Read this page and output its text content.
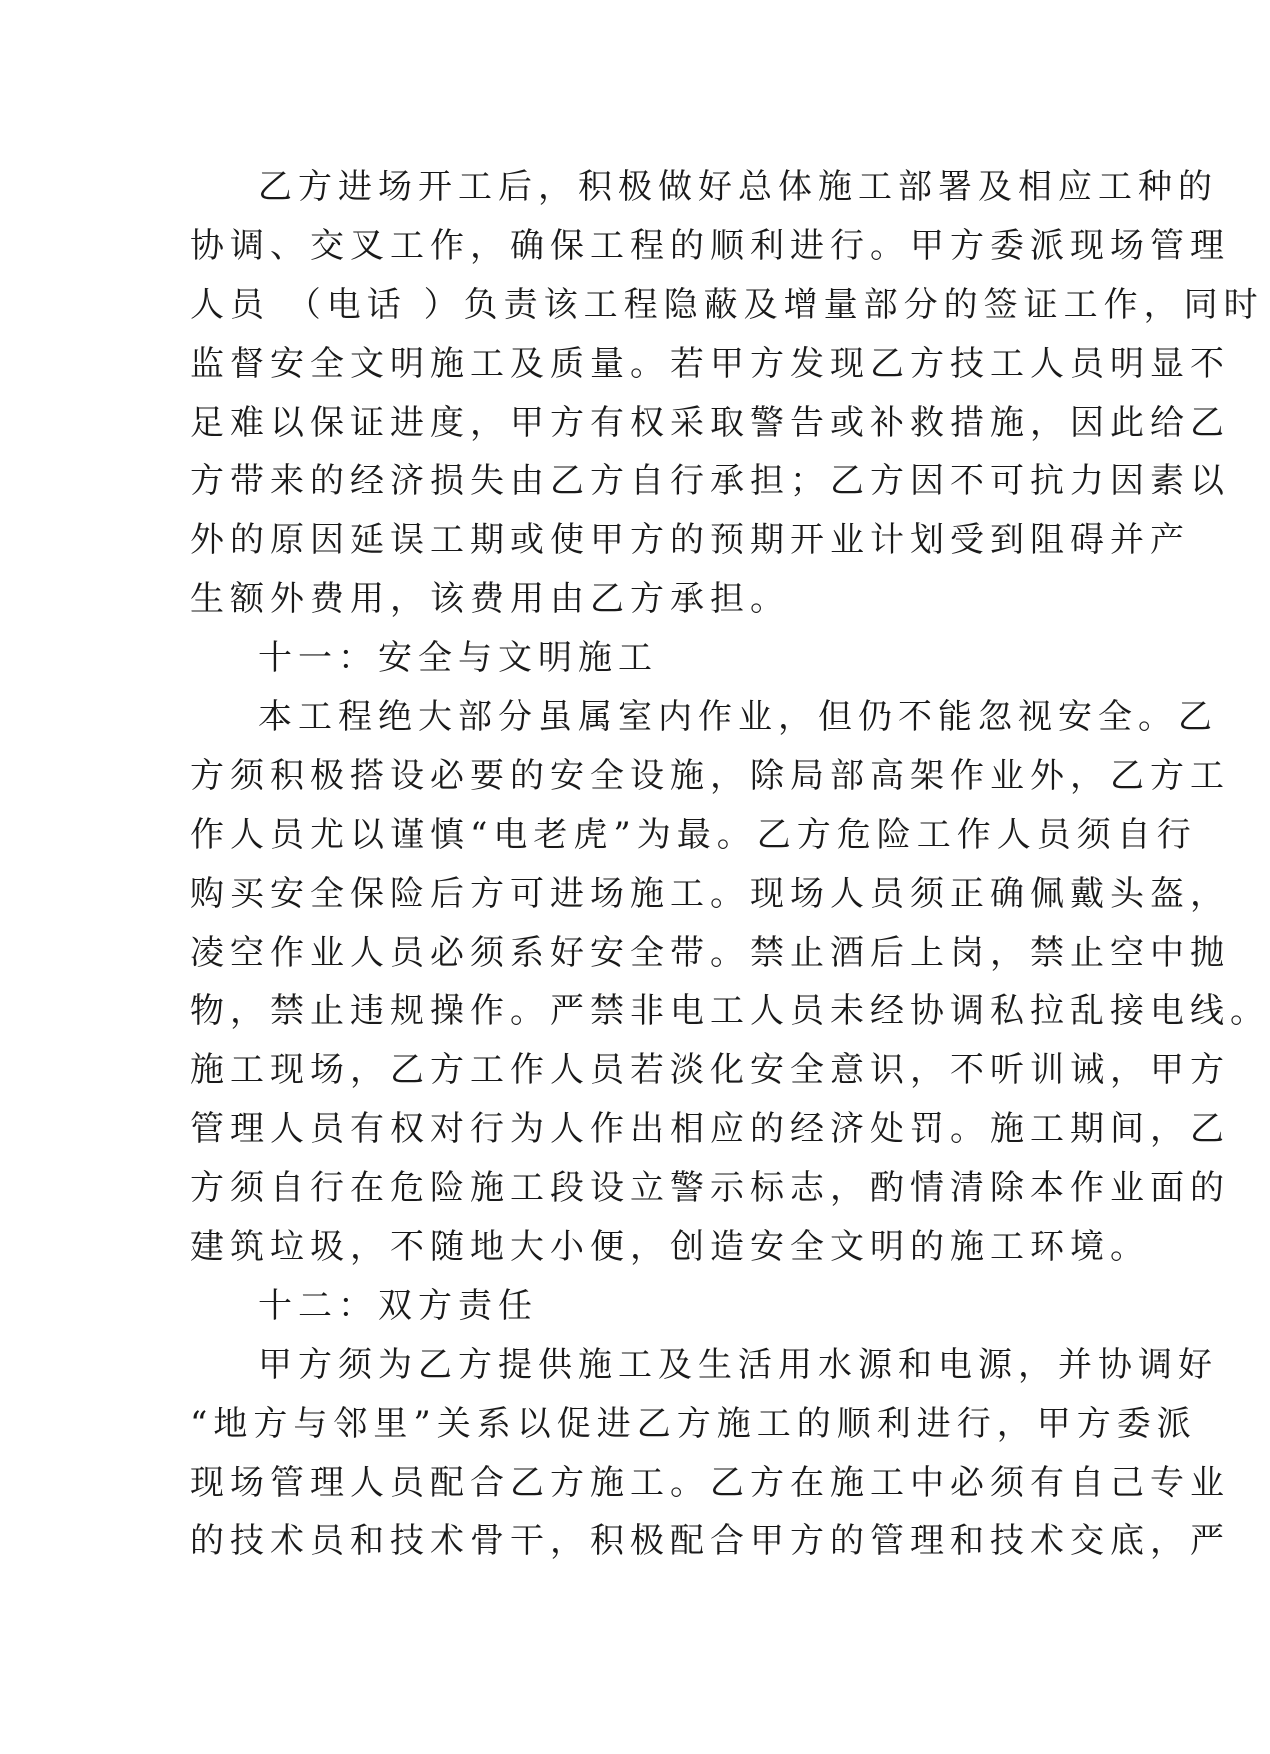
乙方进场开工后，积极做好总体施工部署及相应工种的
协调、交叉工作，确保工程的顺利进行。甲方委派现场管理
人员 （电话 ）负责该工程隐蔽及增量部分的签证工作，同时
监督安全文明施工及质量。若甲方发现乙方技工人员明显不
足难以保证进度，甲方有权采取警告或补救措施，因此给乙
方带来的经济损失由乙方自行承担；乙方因不可抗力因素以
外的原因延误工期或使甲方的预期开业计划受到阻碍并产
生额外费用，该费用由乙方承担。
十一：安全与文明施工
本工程绝大部分虽属室内作业，但仍不能忽视安全。乙
方须积极搭设必要的安全设施，除局部高架作业外，乙方工
作人员尤以谨慎“电老虎”为最。乙方危险工作人员须自行
购买安全保险后方可进场施工。现场人员须正确佩戴头盔，
凌空作业人员必须系好安全带。禁止酒后上岗，禁止空中抛
物，禁止违规操作。严禁非电工人员未经协调私拉乱接电线。
施工现场，乙方工作人员若淡化安全意识，不听训诫，甲方
管理人员有权对行为人作出相应的经济处罚。施工期间，乙
方须自行在危险施工段设立警示标志，酌情清除本作业面的
建筑垃圾，不随地大小便，创造安全文明的施工环境。
十二：双方责任
甲方须为乙方提供施工及生活用水源和电源，并协调好
“地方与邻里”关系以促进乙方施工的顺利进行，甲方委派
现场管理人员配合乙方施工。乙方在施工中必须有自己专业
的技术员和技术骨干，积极配合甲方的管理和技术交底，严
